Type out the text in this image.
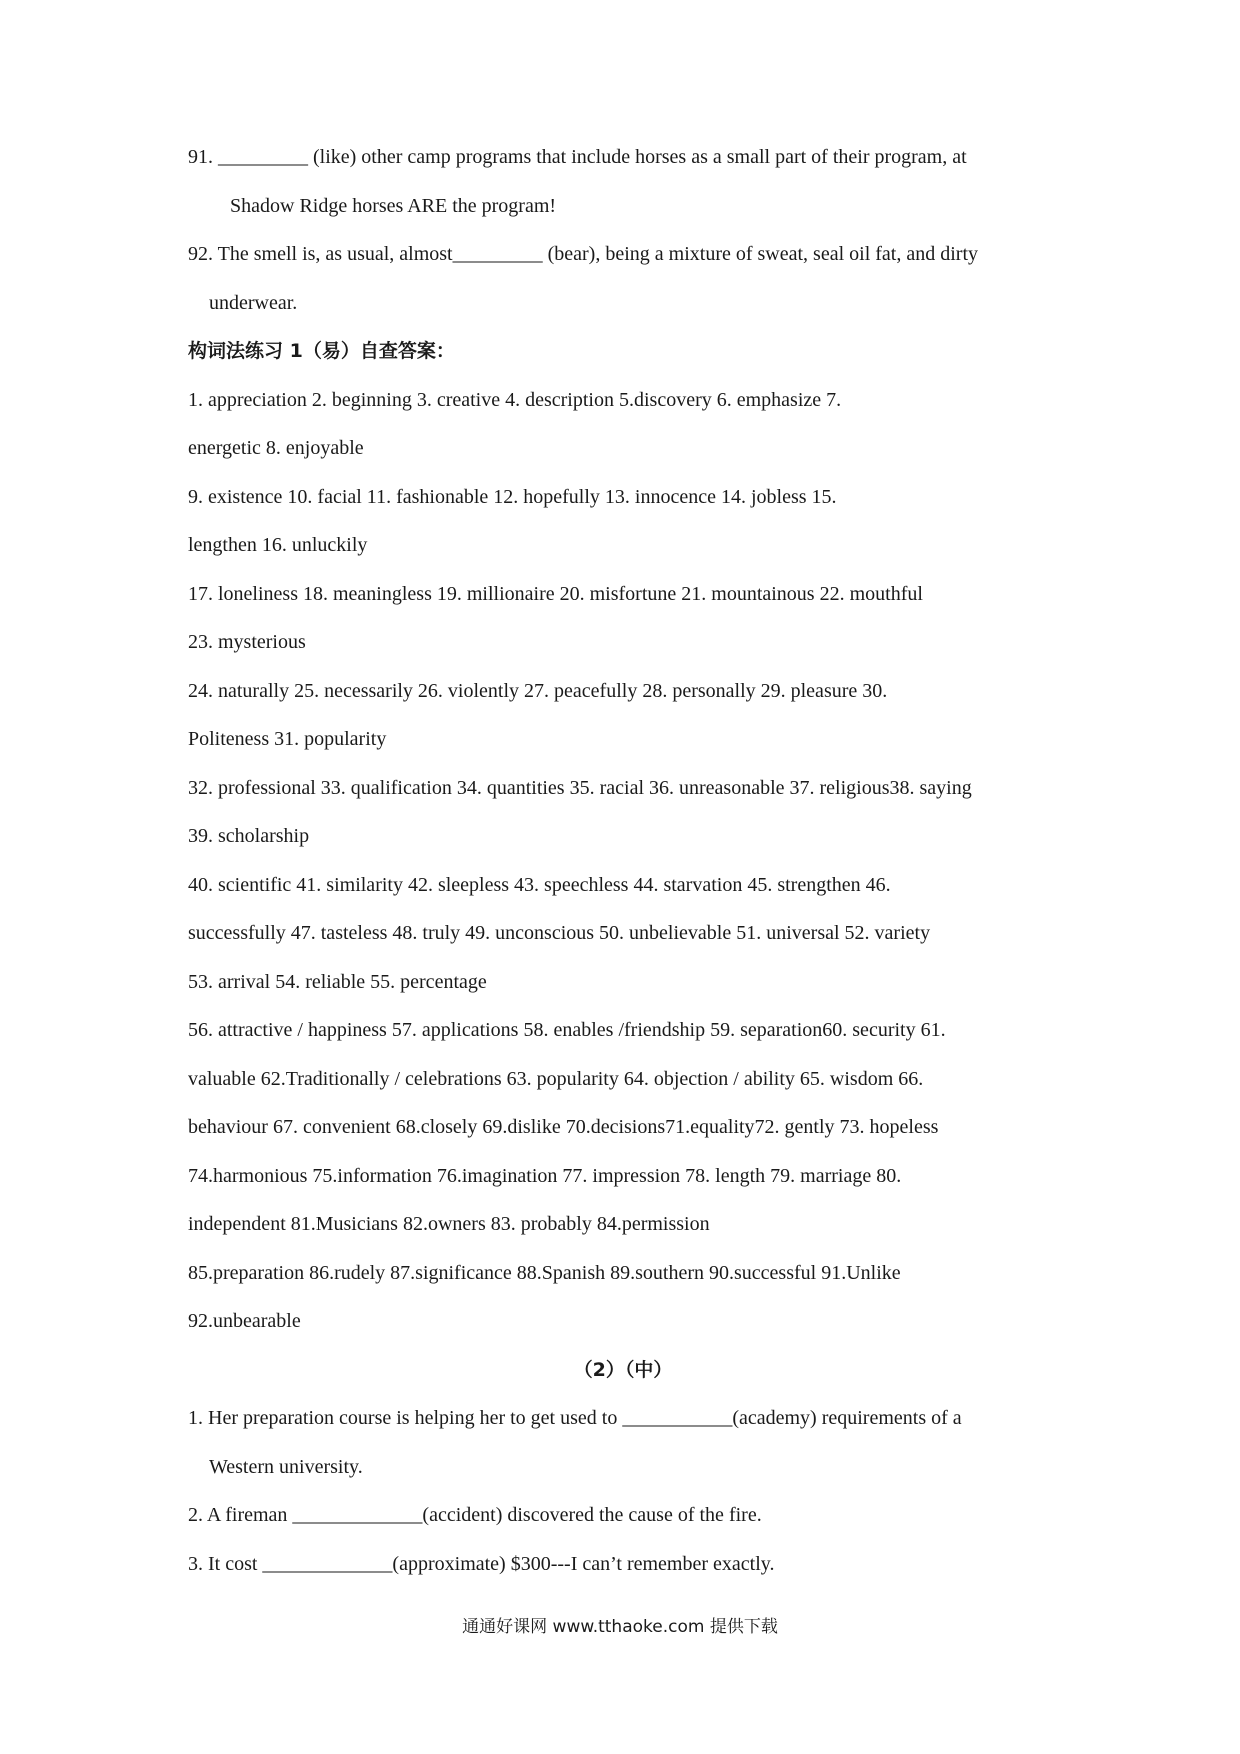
91. _________ (like) other camp programs that include horses as a small part of their program, at

Shadow Ridge horses ARE the program!

92. The smell is, as usual, almost_________ (bear), being a mixture of sweat, seal oil fat, and dirty

underwear.

构词法练习 1（易）自查答案：

1. appreciation 2. beginning 3. creative 4. description 5.discovery 6. emphasize 7.

energetic 8. enjoyable

9. existence 10. facial 11. fashionable 12. hopefully 13. innocence 14. jobless 15.

lengthen 16. unluckily

17. loneliness 18. meaningless 19. millionaire 20. misfortune 21. mountainous 22. mouthful

23. mysterious

24. naturally 25. necessarily 26. violently 27. peacefully 28. personally 29. pleasure 30.

Politeness 31. popularity

32. professional 33. qualification 34. quantities 35. racial 36. unreasonable 37. religious38. saying

39. scholarship

40. scientific 41. similarity 42. sleepless 43. speechless 44. starvation 45. strengthen 46.

successfully 47. tasteless 48. truly 49. unconscious 50. unbelievable 51. universal 52. variety

53. arrival 54. reliable 55. percentage

56. attractive / happiness 57. applications 58. enables /friendship 59. separation60. security 61.

valuable 62.Traditionally / celebrations 63. popularity 64. objection / ability 65. wisdom 66.

behaviour 67. convenient 68.closely 69.dislike 70.decisions71.equality72. gently 73. hopeless

74.harmonious 75.information 76.imagination 77. impression 78. length 79. marriage 80.

independent 81.Musicians 82.owners 83. probably 84.permission

85.preparation 86.rudely 87.significance 88.Spanish 89.southern 90.successful 91.Unlike

92.unbearable

（2）（中）

1. Her preparation course is helping her to get used to ___________(academy) requirements of a

Western university.

2. A fireman _____________(accident) discovered the cause of the fire.

3. It cost _____________(approximate) $300---I can’t remember exactly.

通通好课网 www.tthaoke.com 提供下载
